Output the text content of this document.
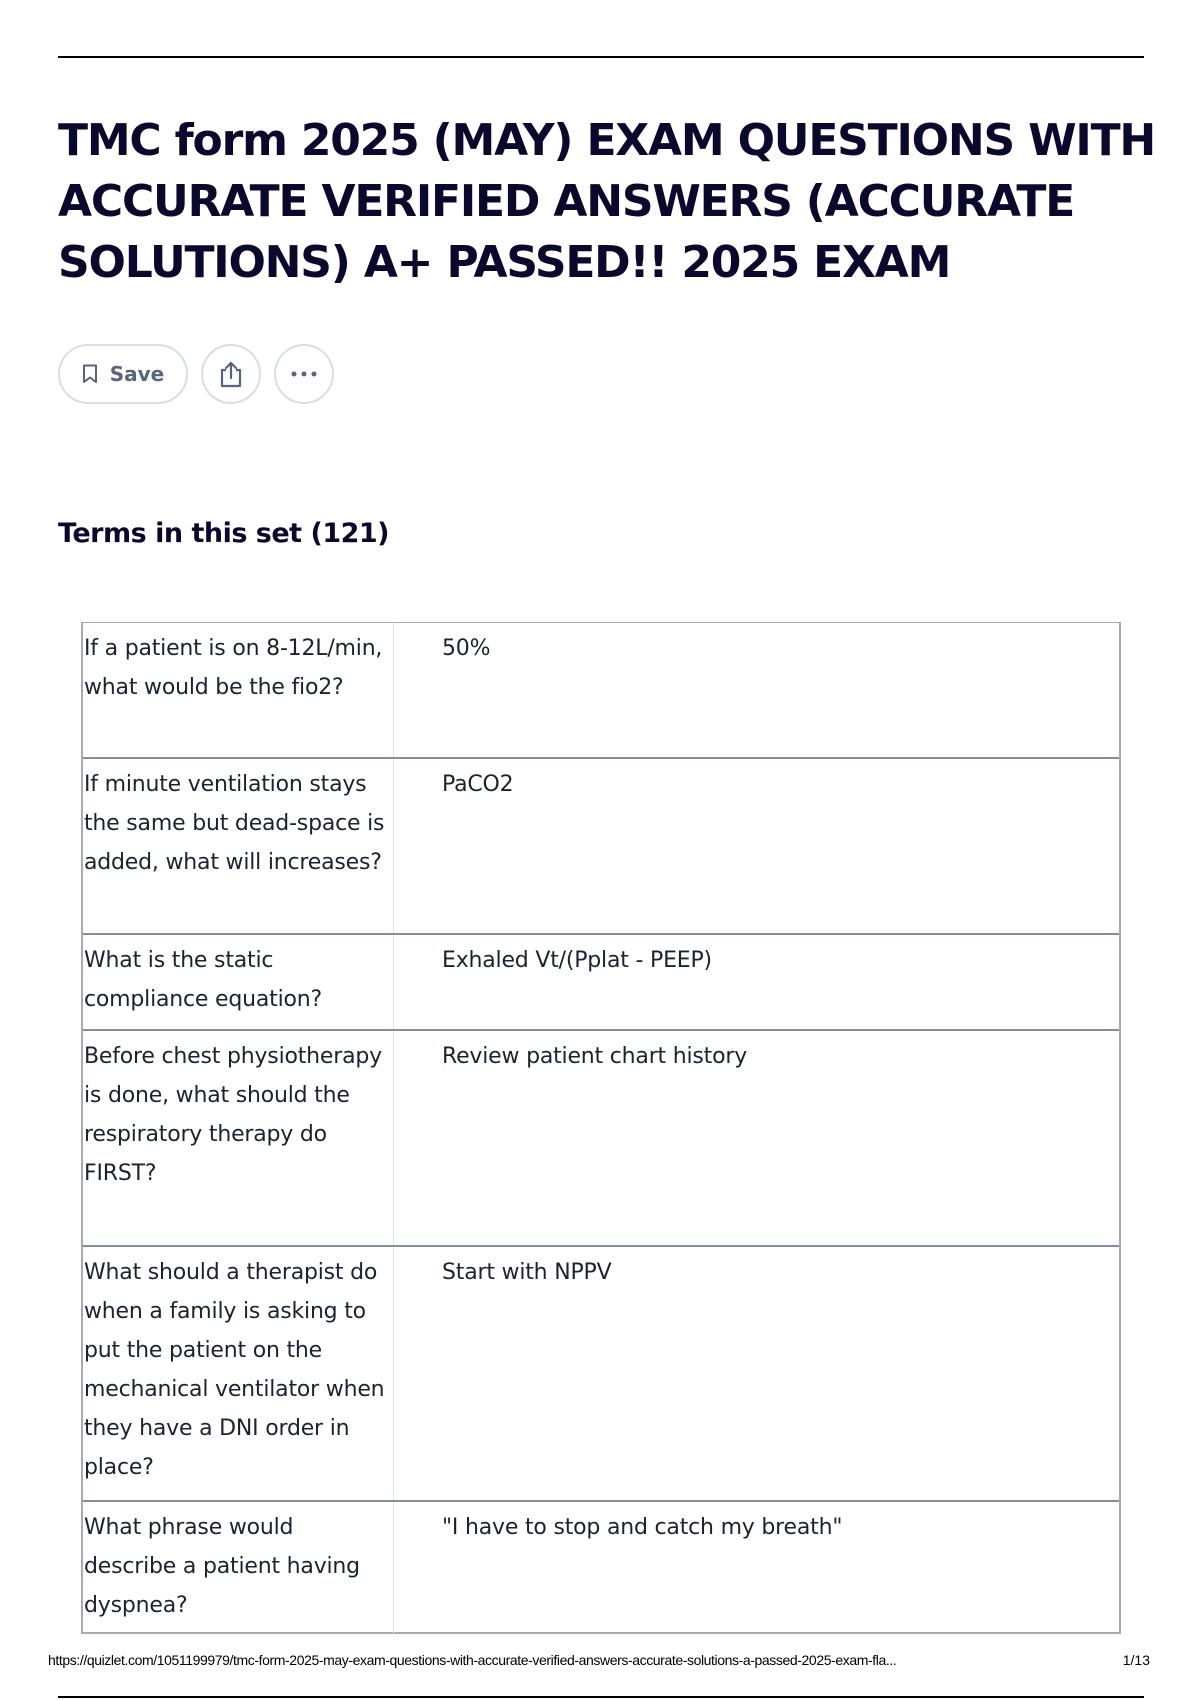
TMC form 2025 (MAY) EXAM QUESTIONS WITH ACCURATE VERIFIED ANSWERS (ACCURATE SOLUTIONS) A+ PASSED!! 2025 EXAM
Save
Terms in this set (121)
If a patient is on 8-12L/min, what would be the fio2?
50%
If minute ventilation stays the same but dead-space is added, what will increases?
PaCO2
What is the static compliance equation?
Exhaled Vt/(Pplat - PEEP)
Before chest physiotherapy is done, what should the respiratory therapy do FIRST?
Review patient chart history
What should a therapist do when a family is asking to put the patient on the mechanical ventilator when they have a DNI order in place?
Start with NPPV
What phrase would describe a patient having dyspnea?
"I have to stop and catch my breath"
https://quizlet.com/1051199979/tmc-form-2025-may-exam-questions-with-accurate-verified-answers-accurate-solutions-a-passed-2025-exam-fla...	1/13
